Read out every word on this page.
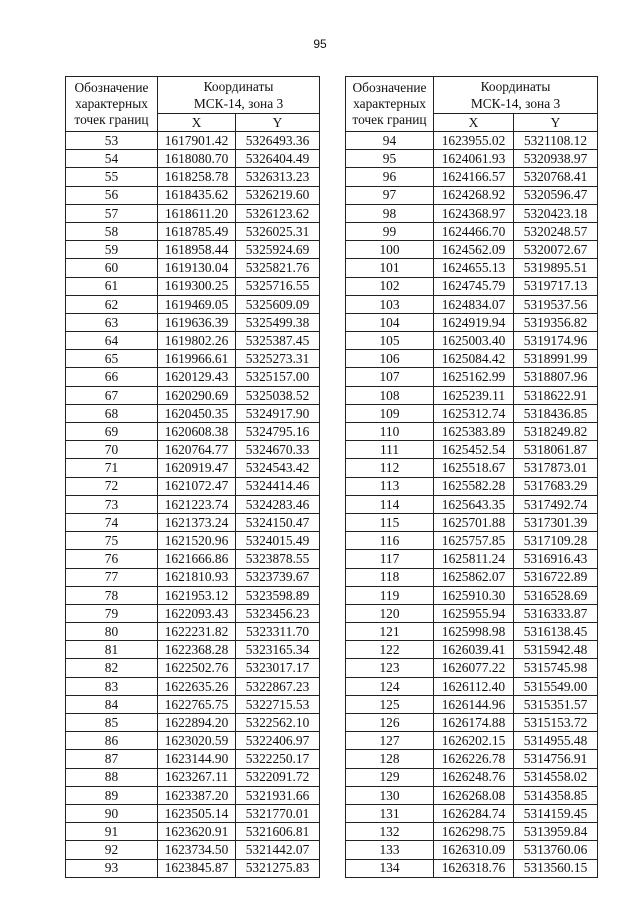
95
Обозначение
характерных
точек границ	Координаты
МСК-14, зона 3	
	X	Y
53	1617901.42	5326493.36
54	1618080.70	5326404.49
55	1618258.78	5326313.23
56	1618435.62	5326219.60
57	1618611.20	5326123.62
58	1618785.49	5326025.31
59	1618958.44	5325924.69
60	1619130.04	5325821.76
61	1619300.25	5325716.55
62	1619469.05	5325609.09
63	1619636.39	5325499.38
64	1619802.26	5325387.45
65	1619966.61	5325273.31
66	1620129.43	5325157.00
67	1620290.69	5325038.52
68	1620450.35	5324917.90
69	1620608.38	5324795.16
70	1620764.77	5324670.33
71	1620919.47	5324543.42
72	1621072.47	5324414.46
73	1621223.74	5324283.46
74	1621373.24	5324150.47
75	1621520.96	5324015.49
76	1621666.86	5323878.55
77	1621810.93	5323739.67
78	1621953.12	5323598.89
79	1622093.43	5323456.23
80	1622231.82	5323311.70
81	1622368.28	5323165.34
82	1622502.76	5323017.17
83	1622635.26	5322867.23
84	1622765.75	5322715.53
85	1622894.20	5322562.10
86	1623020.59	5322406.97
87	1623144.90	5322250.17
88	1623267.11	5322091.72
89	1623387.20	5321931.66
90	1623505.14	5321770.01
91	1623620.91	5321606.81
92	1623734.50	5321442.07
93	1623845.87	5321275.83
Обозначение
характерных
точек границ	Координаты
МСК-14, зона 3	
	X	Y
94	1623955.02	5321108.12
95	1624061.93	5320938.97
96	1624166.57	5320768.41
97	1624268.92	5320596.47
98	1624368.97	5320423.18
99	1624466.70	5320248.57
100	1624562.09	5320072.67
101	1624655.13	5319895.51
102	1624745.79	5319717.13
103	1624834.07	5319537.56
104	1624919.94	5319356.82
105	1625003.40	5319174.96
106	1625084.42	5318991.99
107	1625162.99	5318807.96
108	1625239.11	5318622.91
109	1625312.74	5318436.85
110	1625383.89	5318249.82
111	1625452.54	5318061.87
112	1625518.67	5317873.01
113	1625582.28	5317683.29
114	1625643.35	5317492.74
115	1625701.88	5317301.39
116	1625757.85	5317109.28
117	1625811.24	5316916.43
118	1625862.07	5316722.89
119	1625910.30	5316528.69
120	1625955.94	5316333.87
121	1625998.98	5316138.45
122	1626039.41	5315942.48
123	1626077.22	5315745.98
124	1626112.40	5315549.00
125	1626144.96	5315351.57
126	1626174.88	5315153.72
127	1626202.15	5314955.48
128	1626226.78	5314756.91
129	1626248.76	5314558.02
130	1626268.08	5314358.85
131	1626284.74	5314159.45
132	1626298.75	5313959.84
133	1626310.09	5313760.06
134	1626318.76	5313560.15
